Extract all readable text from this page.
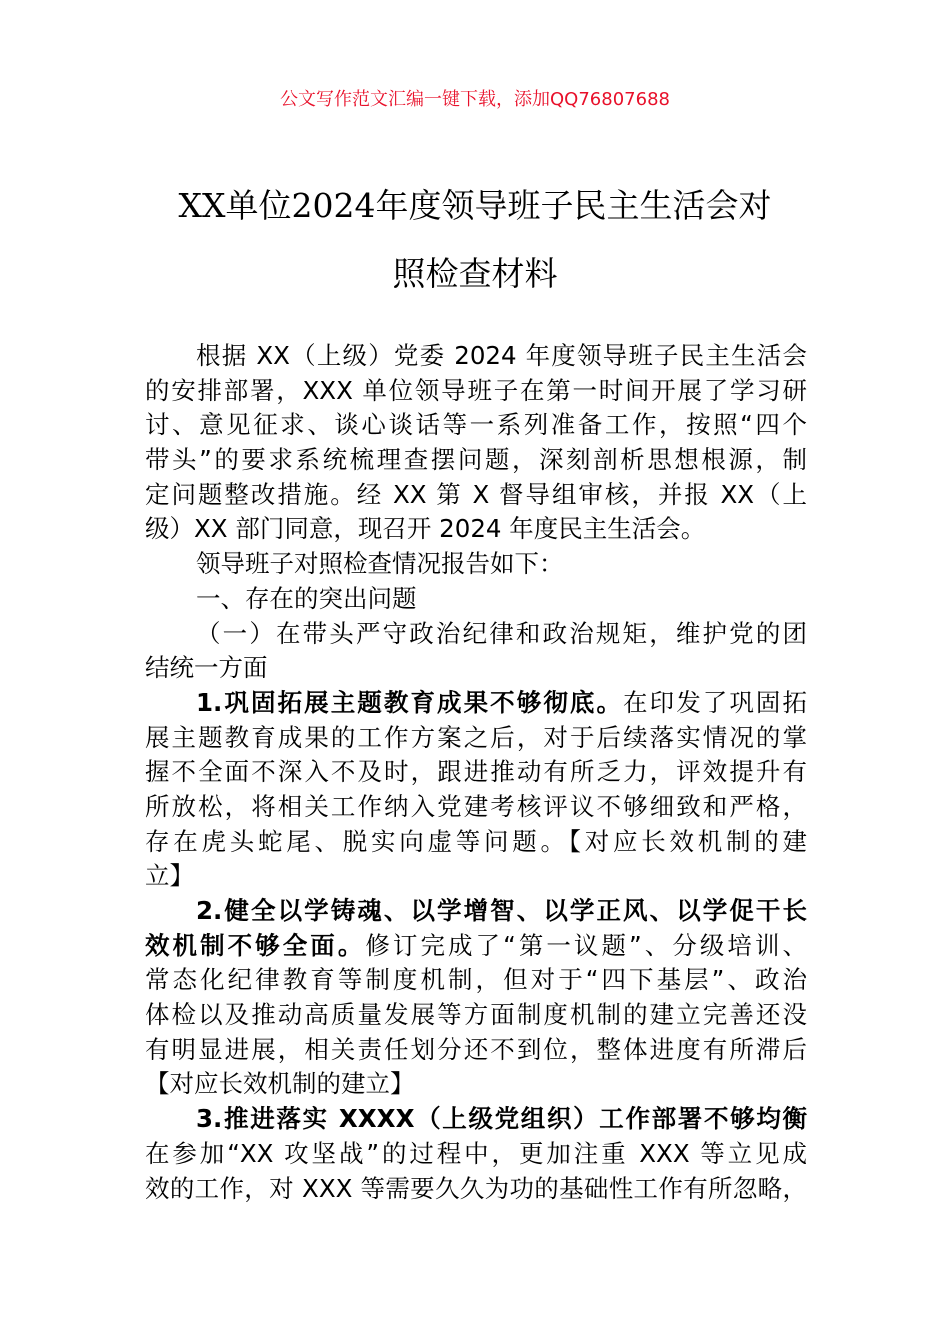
公文写作范文汇编一键下载，添加QQ76807688
XX单位2024年度领导班子民主生活会对
照检查材料
根据 XX（上级）党委 2024 年度领导班子民主生活会
的安排部署，XXX 单位领导班子在第一时间开展了学习研
讨、意见征求、谈心谈话等一系列准备工作，按照“四个
带头”的要求系统梳理查摆问题，深刻剖析思想根源，制
定问题整改措施。经 XX 第 X 督导组审核，并报 XX（上
级）XX 部门同意，现召开 2024 年度民主生活会。
领导班子对照检查情况报告如下：
一、存在的突出问题
（一）在带头严守政治纪律和政治规矩，维护党的团
结统一方面
1.巩固拓展主题教育成果不够彻底。在印发了巩固拓
展主题教育成果的工作方案之后，对于后续落实情况的掌
握不全面不深入不及时，跟进推动有所乏力，评效提升有
所放松，将相关工作纳入党建考核评议不够细致和严格，
存在虎头蛇尾、脱实向虚等问题。【对应长效机制的建
立】
2.健全以学铸魂、以学增智、以学正风、以学促干长
效机制不够全面。修订完成了“第一议题”、分级培训、
常态化纪律教育等制度机制，但对于“四下基层”、政治
体检以及推动高质量发展等方面制度机制的建立完善还没
有明显进展，相关责任划分还不到位，整体进度有所滞后
【对应长效机制的建立】
3.推进落实 XXXX（上级党组织）工作部署不够均衡
在参加“XX 攻坚战”的过程中，更加注重 XXX 等立见成
效的工作，对 XXX 等需要久久为功的基础性工作有所忽略，
